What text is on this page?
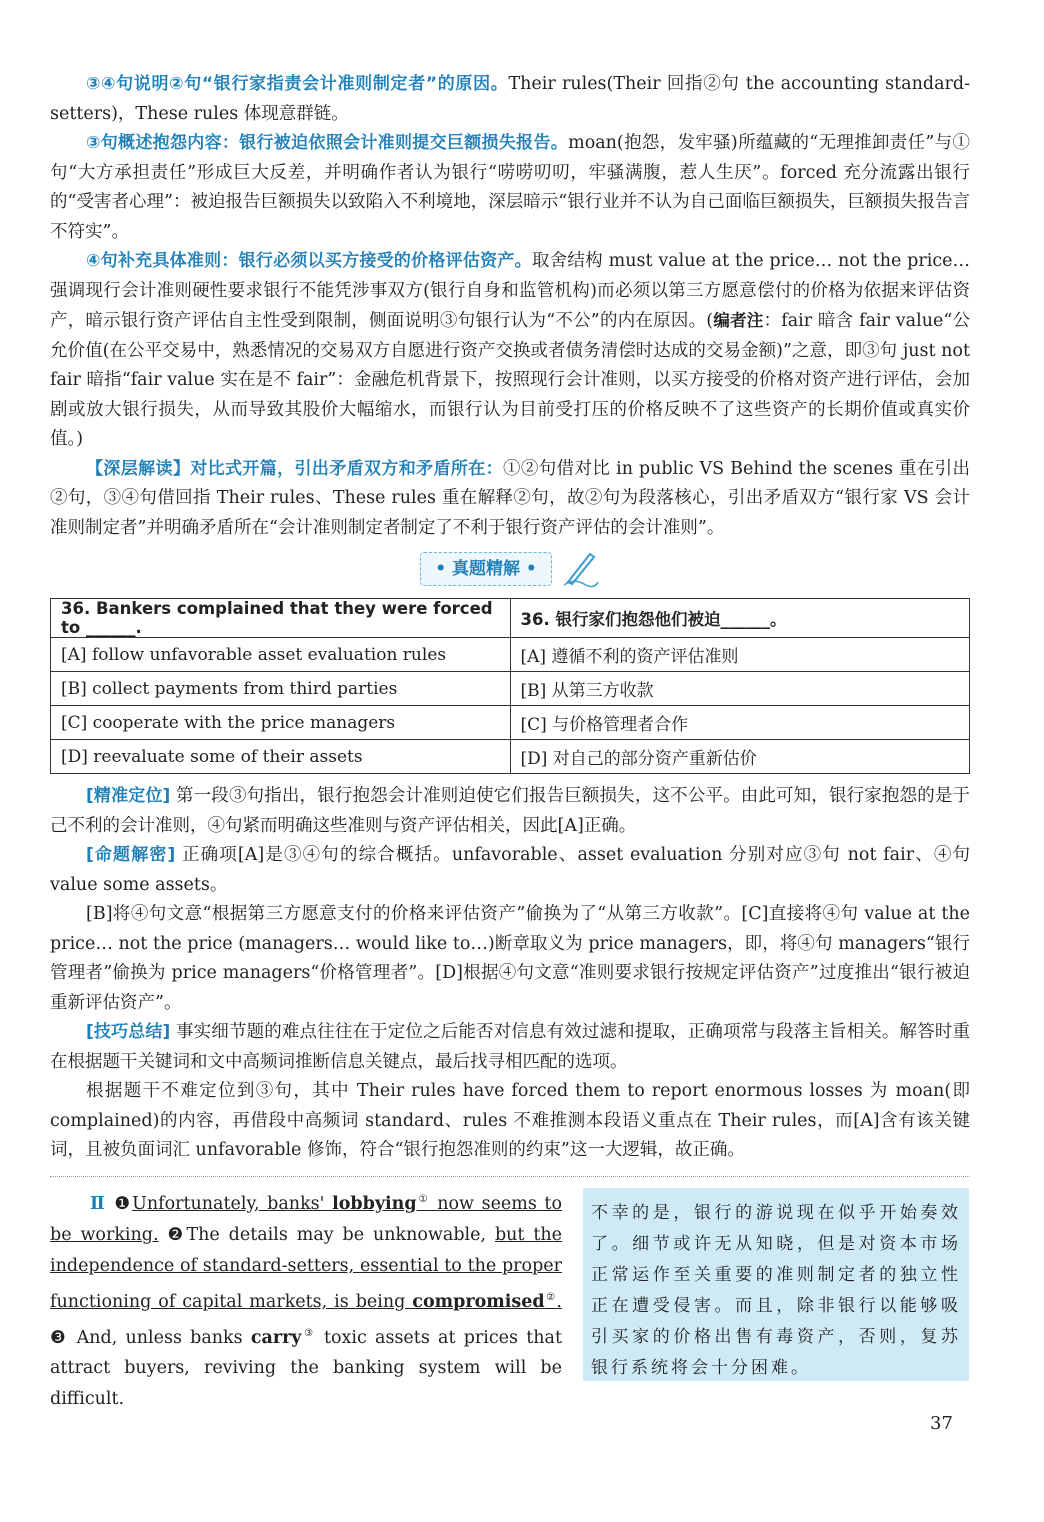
③④句说明②句“银行家指责会计准则制定者”的原因。Their rules(Their 回指②句 the accounting standard-setters)，These rules 体现意群链。

③句概述抱怨内容：银行被迫依照会计准则提交巨额损失报告。moan(抱怨，发牢骚)所蕴藏的“无理推卸责任”与①句“大方承担责任”形成巨大反差，并明确作者认为银行“唠唠叨叨，牢骚满腹，惹人生厌”。forced 充分流露出银行的“受害者心理”：被迫报告巨额损失以致陷入不利境地，深层暗示“银行业并不认为自己面临巨额损失，巨额损失报告言不符实”。

④句补充具体准则：银行必须以买方接受的价格评估资产。取舍结构 must value at the price… not the price… 强调现行会计准则硬性要求银行不能凭涉事双方(银行自身和监管机构)而必须以第三方愿意偿付的价格为依据来评估资产，暗示银行资产评估自主性受到限制，侧面说明③句银行认为“不公”的内在原因。(编者注：fair 暗含 fair value“公允价值(在公平交易中，熟悉情况的交易双方自愿进行资产交换或者债务清偿时达成的交易金额)”之意，即③句 just not fair 暗指“fair value 实在是不 fair”：金融危机背景下，按照现行会计准则，以买方接受的价格对资产进行评估，会加剧或放大银行损失，从而导致其股价大幅缩水，而银行认为目前受打压的价格反映不了这些资产的长期价值或真实价值。)

【深层解读】对比式开篇，引出矛盾双方和矛盾所在：①②句借对比 in public VS Behind the scenes 重在引出②句，③④句借回指 Their rules、These rules 重在解释②句，故②句为段落核心，引出矛盾双方“银行家 VS 会计准则制定者”并明确矛盾所在“会计准则制定者制定了不利于银行资产评估的会计准则”。

• 真题精解 •
36. Bankers complained that they were forced to ______.	36. 银行家们抱怨他们被迫______。
[A] follow unfavorable asset evaluation rules	[A] 遵循不利的资产评估准则
[B] collect payments from third parties	[B] 从第三方收款
[C] cooperate with the price managers	[C] 与价格管理者合作
[D] reevaluate some of their assets	[D] 对自己的部分资产重新估价

[精准定位] 第一段③句指出，银行抱怨会计准则迫使它们报告巨额损失，这不公平。由此可知，银行家抱怨的是于己不利的会计准则，④句紧而明确这些准则与资产评估相关，因此[A]正确。

[命题解密] 正确项[A]是③④句的综合概括。unfavorable、asset evaluation 分别对应③句 not fair、④句 value some assets。

[B]将④句文意“根据第三方愿意支付的价格来评估资产”偷换为了“从第三方收款”。[C]直接将④句 value at the price… not the price (managers… would like to…)断章取义为 price managers，即，将④句 managers“银行管理者”偷换为 price managers“价格管理者”。[D]根据④句文意“准则要求银行按规定评估资产”过度推出“银行被迫重新评估资产”。

[技巧总结] 事实细节题的难点往往在于定位之后能否对信息有效过滤和提取，正确项常与段落主旨相关。解答时重在根据题干关键词和文中高频词推断信息关键点，最后找寻相匹配的选项。

根据题干不难定位到③句，其中 Their rules have forced them to report enormous losses 为 moan(即 complained)的内容，再借段中高频词 standard、rules 不难推测本段语义重点在 Their rules，而[A]含有该关键词，且被负面词汇 unfavorable 修饰，符合“银行抱怨准则的约束”这一大逻辑，故正确。

Ⅱ ❶Unfortunately, banks' lobbying① now seems to be working. ❷The details may be unknowable, but the independence of standard-setters, essential to the proper functioning of capital markets, is being compromised②. ❸ And, unless banks carry③ toxic assets at prices that attract buyers, reviving the banking system will be difficult.
不幸的是，银行的游说现在似乎开始奏效了。细节或许无从知晓，但是对资本市场正常运作至关重要的准则制定者的独立性正在遭受侵害。而且，除非银行以能够吸引买家的价格出售有毒资产，否则，复苏银行系统将会十分困难。
37
